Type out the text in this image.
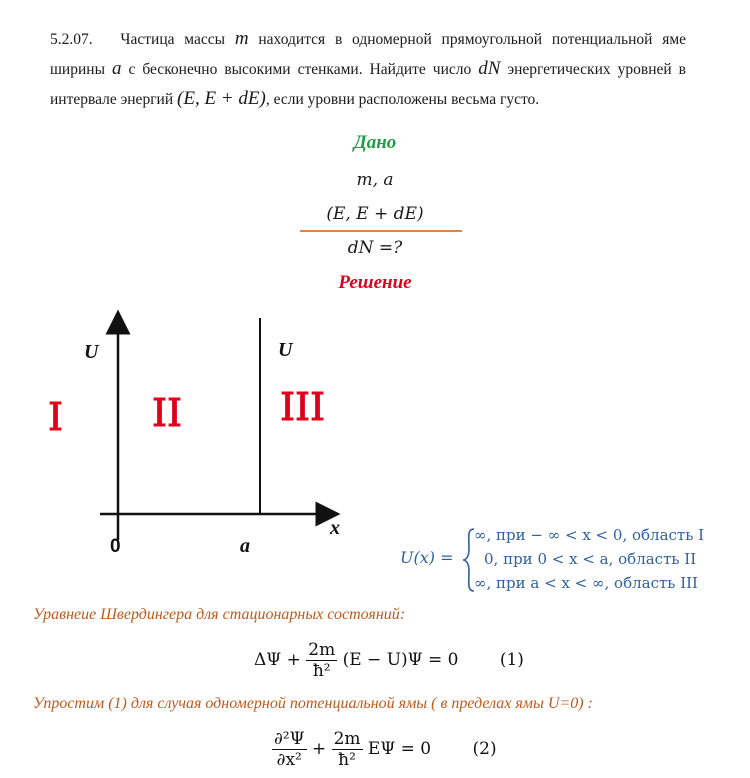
5.2.07. Частица массы m находится в одномерной прямоугольной потенциальной яме ширины a с бесконечно высокими стенками. Найдите число dN энергетических уровней в интервале энергий (E, E + dE), если уровни расположены весьма густо.
Дано
m, a
(E, E + dE)
dN =?
Решение
U	U
x
a
0
I II	III
U(x) =
∞, при − ∞ < x < 0, область I
0, при 0 < x < a, область II
∞, при a < x < ∞, область III
Уравнеие Швердингера для стационарных состояний:
$\Delta\Psi + \frac{2m}{\text{ħ²}} (E - U)\Psi = 0$ (1)
Упростим (1) для случая одномерной потенциальной ямы ( в пределах ямы U=0) :
$\frac{\text{∂²Ψ}}{\text{∂x²}} + \frac{2m}{\text{ħ²}}$ EΨ = 0 (2)
